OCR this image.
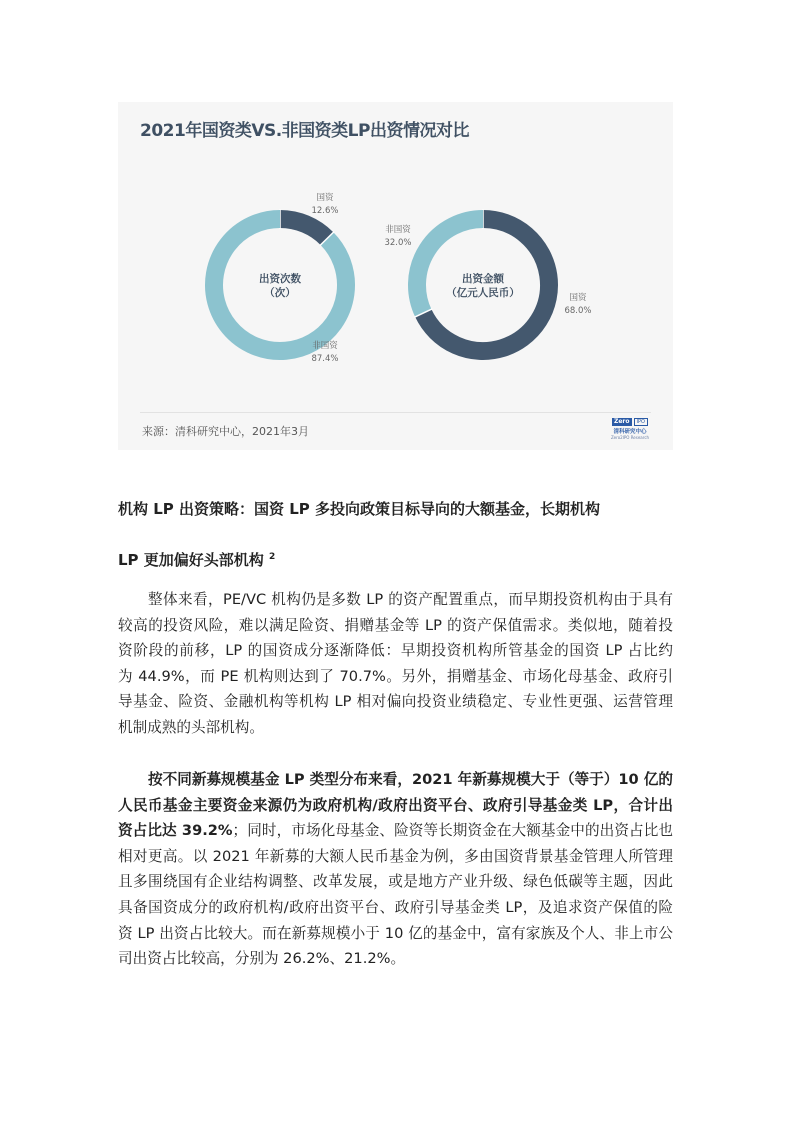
2021年国资类VS.非国资类LP出资情况对比
国资
12.6%
非国资
87.4%
出资次数
（次）	国资
68.0%
非国资
32.0%
出资金额
（亿元人民币）
来源：清科研究中心，2021年3月
Zero	IPO
清科研究中心
Zero2IPO Research
机构 LP 出资策略：国资 LP 多投向政策目标导向的大额基金，长期机构
LP 更加偏好头部机构 $^2$
整体来看，PE/VC 机构仍是多数 LP 的资产配置重点，而早期投资机构由于具有
较高的投资风险，难以满足险资、捐赠基金等 LP 的资产保值需求。类似地，随着投
资阶段的前移，LP 的国资成分逐渐降低：早期投资机构所管基金的国资 LP 占比约
为 44.9%，而 PE 机构则达到了 70.7%。另外，捐赠基金、市场化母基金、政府引
导基金、险资、金融机构等机构 LP 相对偏向投资业绩稳定、专业性更强、运营管理
机制成熟的头部机构。
按不同新募规模基金 LP 类型分布来看，2021 年新募规模大于（等于）10 亿的
人民币基金主要资金来源仍为政府机构/政府出资平台、政府引导基金类 LP，合计出
资占比达 39.2%；同时，市场化母基金、险资等长期资金在大额基金中的出资占比也
相对更高。以 2021 年新募的大额人民币基金为例，多由国资背景基金管理人所管理
且多围绕国有企业结构调整、改革发展，或是地方产业升级、绿色低碳等主题，因此
具备国资成分的政府机构/政府出资平台、政府引导基金类 LP，及追求资产保值的险
资 LP 出资占比较大。而在新募规模小于 10 亿的基金中，富有家族及个人、非上市公
司出资占比较高，分别为 26.2%、21.2%。
